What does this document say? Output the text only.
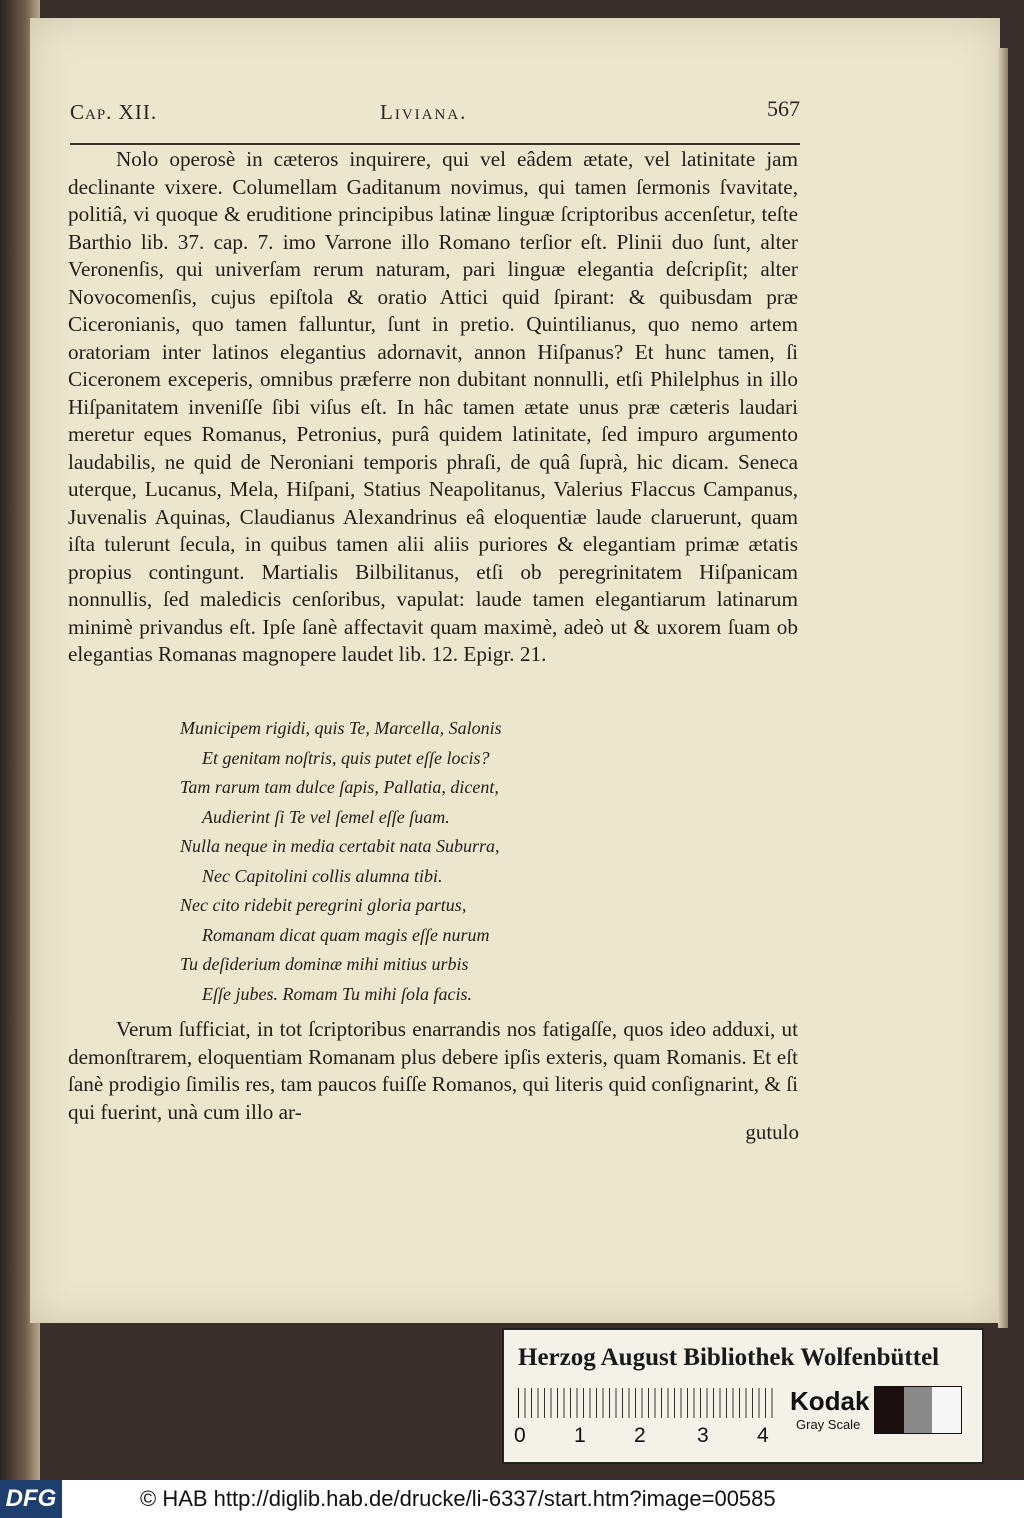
Cap. XII.	Liviana.	567

Nolo operosè in cæteros inquirere, qui vel eâdem ætate, vel latinitate jam declinante vixere. Columellam Gaditanum novimus, qui tamen ſermonis ſvavitate, politiâ, vi quoque & eruditione principibus latinæ linguæ ſcriptoribus accenſetur, teſte Barthio lib. 37. cap. 7. imo Varrone illo Romano terſior eſt. Plinii duo ſunt, alter Veronenſis, qui univerſam rerum naturam, pari linguæ elegantia deſcripſit; alter Novocomenſis, cujus epiſtola & oratio Attici quid ſpirant: & quibusdam præ Ciceronianis, quo tamen falluntur, ſunt in pretio. Quintilianus, quo nemo artem oratoriam inter latinos elegantius adornavit, annon Hiſpanus? Et hunc tamen, ſi Ciceronem exceperis, omnibus præferre non dubitant nonnulli, etſi Philelphus in illo Hiſpanitatem inveniſſe ſibi viſus eſt. In hâc tamen ætate unus præ cæteris laudari meretur eques Romanus, Petronius, purâ quidem latinitate, ſed impuro argumento laudabilis, ne quid de Neroniani temporis phraſi, de quâ ſuprà, hic dicam. Seneca uterque, Lucanus, Mela, Hiſpani, Statius Neapolitanus, Valerius Flaccus Campanus, Juvenalis Aquinas, Claudianus Alexandrinus eâ eloquentiæ laude claruerunt, quam iſta tulerunt ſecula, in quibus tamen alii aliis puriores & elegantiam primæ ætatis propius contingunt. Martialis Bilbilitanus, etſi ob peregrinitatem Hiſpanicam nonnullis, ſed maledicis cenſoribus, vapulat: laude tamen elegantiarum latinarum minimè privandus eſt. Ipſe ſanè affectavit quam maximè, adeò ut & uxorem ſuam ob elegantias Romanas magnopere laudet lib. 12. Epigr. 21.

Municipem rigidi, quis Te, Marcella, Salonis
Et genitam noſtris, quis putet eſſe locis?
Tam rarum tam dulce ſapis, Pallatia, dicent,
Audierint ſi Te vel ſemel eſſe ſuam.
Nulla neque in media certabit nata Suburra,
Nec Capitolini collis alumna tibi.
Nec cito ridebit peregrini gloria partus,
Romanam dicat quam magis eſſe nurum
Tu deſiderium dominæ mihi mitius urbis
Eſſe jubes. Romam Tu mihi ſola facis.

Verum ſufficiat, in tot ſcriptoribus enarrandis nos fatigaſſe, quos ideo adduxi, ut demonſtrarem, eloquentiam Romanam plus debere ipſis exteris, quam Romanis. Et eſt ſanè prodigio ſimilis res, tam paucos fuiſſe Romanos, qui literis quid conſignarint, & ſi qui fuerint, unà cum illo ar-

gutulo
Herzog August Bibliothek Wolfenbüttel
0 1 2 3 4
Kodak
Gray Scale
DFG	© HAB http://diglib.hab.de/drucke/li-6337/start.htm?image=00585
